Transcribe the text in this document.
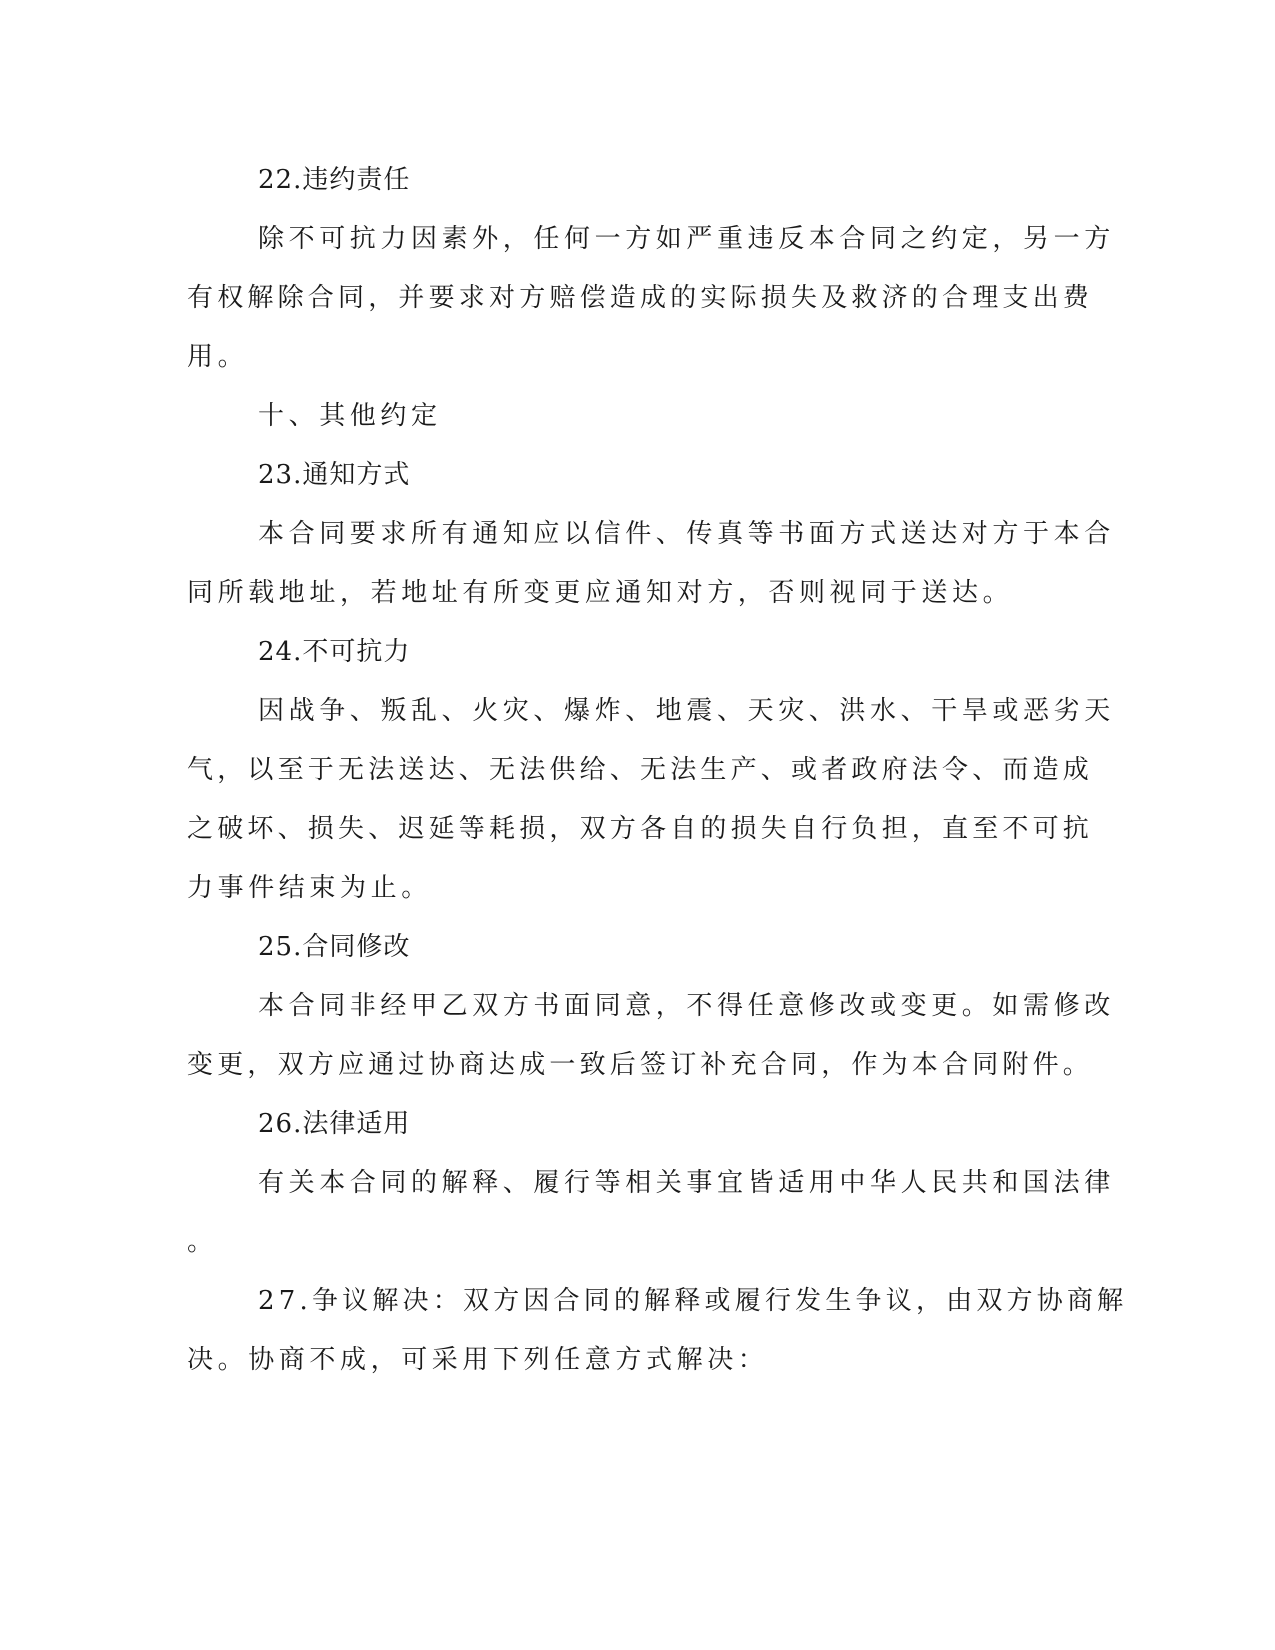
22.违约责任
除不可抗力因素外，任何一方如严重违反本合同之约定，另一方
有权解除合同，并要求对方赔偿造成的实际损失及救济的合理支出费
用。
十、其他约定
23.通知方式
本合同要求所有通知应以信件、传真等书面方式送达对方于本合
同所载地址，若地址有所变更应通知对方，否则视同于送达。
24.不可抗力
因战争、叛乱、火灾、爆炸、地震、天灾、洪水、干旱或恶劣天
气，以至于无法送达、无法供给、无法生产、或者政府法令、而造成
之破坏、损失、迟延等耗损，双方各自的损失自行负担，直至不可抗
力事件结束为止。
25.合同修改
本合同非经甲乙双方书面同意，不得任意修改或变更。如需修改
变更，双方应通过协商达成一致后签订补充合同，作为本合同附件。
26.法律适用
有关本合同的解释、履行等相关事宜皆适用中华人民共和国法律
。
27.争议解决：双方因合同的解释或履行发生争议，由双方协商解
决。协商不成，可采用下列任意方式解决：
